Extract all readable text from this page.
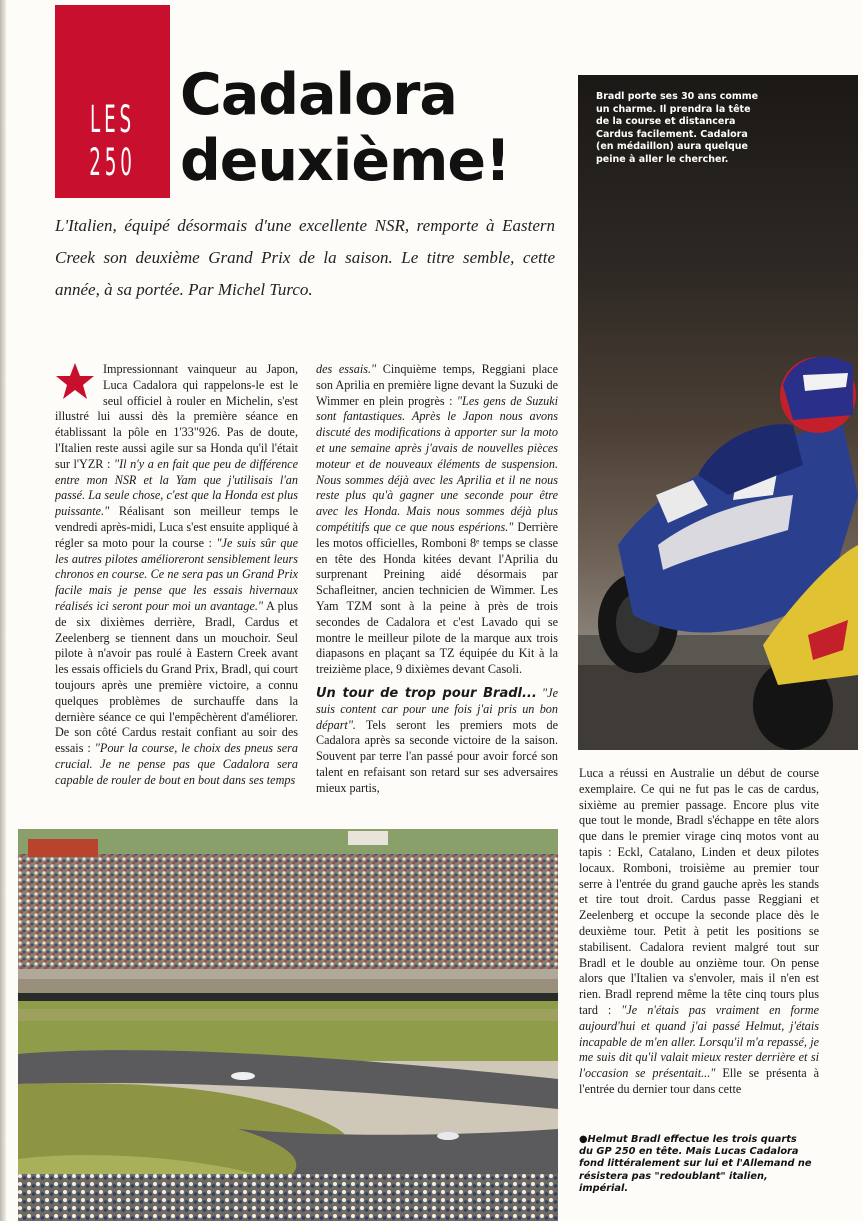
LES 250
Cadalora
deuxième!

L'Italien, équipé désormais d'une excellente NSR, remporte à Eastern Creek son deuxième Grand Prix de la saison. Le titre semble, cette année, à sa portée. Par Michel Turco.

Bradl porte ses 30 ans comme un charme. Il prendra la tête de la course et distancera Cardus facilement. Cadalora (en médaillon) aura quelque peine à aller le chercher.

Impressionnant vainqueur au Japon, Luca Cadalora qui rappelons-le est le seul officiel à rouler en Michelin, s'est illustré lui aussi dès la première séance en établissant la pôle en 1'33"926. Pas de doute, l'Italien reste aussi agile sur sa Honda qu'il l'était sur l'YZR : "Il n'y a en fait que peu de différence entre mon NSR et la Yam que j'utilisais l'an passé. La seule chose, c'est que la Honda est plus puissante." Réalisant son meilleur temps le vendredi après-midi, Luca s'est ensuite appliqué à régler sa moto pour la course : "Je suis sûr que les autres pilotes amélioreront sensiblement leurs chronos en course. Ce ne sera pas un Grand Prix facile mais je pense que les essais hivernaux réalisés ici seront pour moi un avantage." A plus de six dixièmes derrière, Bradl, Cardus et Zeelenberg se tiennent dans un mouchoir. Seul pilote à n'avoir pas roulé à Eastern Creek avant les essais officiels du Grand Prix, Bradl, qui court toujours après une première victoire, a connu quelques problèmes de surchauffe dans la dernière séance ce qui l'empêchèrent d'améliorer. De son côté Cardus restait confiant au soir des essais : "Pour la course, le choix des pneus sera crucial. Je ne pense pas que Cadalora sera capable de rouler de bout en bout dans ses temps

des essais." Cinquième temps, Reggiani place son Aprilia en première ligne devant la Suzuki de Wimmer en plein progrès : "Les gens de Suzuki sont fantastiques. Après le Japon nous avons discuté des modifications à apporter sur la moto et une semaine après j'avais de nouvelles pièces moteur et de nouveaux éléments de suspension. Nous sommes déjà avec les Aprilia et il ne nous reste plus qu'à gagner une seconde pour être avec les Honda. Mais nous sommes déjà plus compétitifs que ce que nous espérions." Derrière les motos officielles, Romboni 8ᵉ temps se classe en tête des Honda kitées devant l'Aprilia du surprenant Preining aidé désormais par Schafleitner, ancien technicien de Wimmer. Les Yam TZM sont à la peine à près de trois secondes de Cadalora et c'est Lavado qui se montre le meilleur pilote de la marque aux trois diapasons en plaçant sa TZ équipée du Kit à la treizième place, 9 dixièmes devant Casoli.

Un tour de trop pour Bradl... "Je suis content car pour une fois j'ai pris un bon départ". Tels seront les premiers mots de Cadalora après sa seconde victoire de la saison. Souvent par terre l'an passé pour avoir forcé son talent en refaisant son retard sur ses adversaires mieux partis,

Luca a réussi en Australie un début de course exemplaire. Ce qui ne fut pas le cas de cardus, sixième au premier passage. Encore plus vite que tout le monde, Bradl s'échappe en tête alors que dans le premier virage cinq motos vont au tapis : Eckl, Catalano, Linden et deux pilotes locaux. Romboni, troisième au premier tour serre à l'entrée du grand gauche après les stands et tire tout droit. Cardus passe Reggiani et Zeelenberg et occupe la seconde place dès le deuxième tour. Petit à petit les positions se stabilisent. Cadalora revient malgré tout sur Bradl et le double au onzième tour. On pense alors que l'Italien va s'envoler, mais il n'en est rien. Bradl reprend même la tête cinq tours plus tard : "Je n'étais pas vraiment en forme aujourd'hui et quand j'ai passé Helmut, j'étais incapable de m'en aller. Lorsqu'il m'a repassé, je me suis dit qu'il valait mieux rester derrière et si l'occasion se présentait..." Elle se présenta à l'entrée du dernier tour dans cette

●Helmut Bradl effectue les trois quarts du GP 250 en tête. Mais Lucas Cadalora fond littéralement sur lui et l'Allemand ne résistera pas "redoublant" italien, impérial.
